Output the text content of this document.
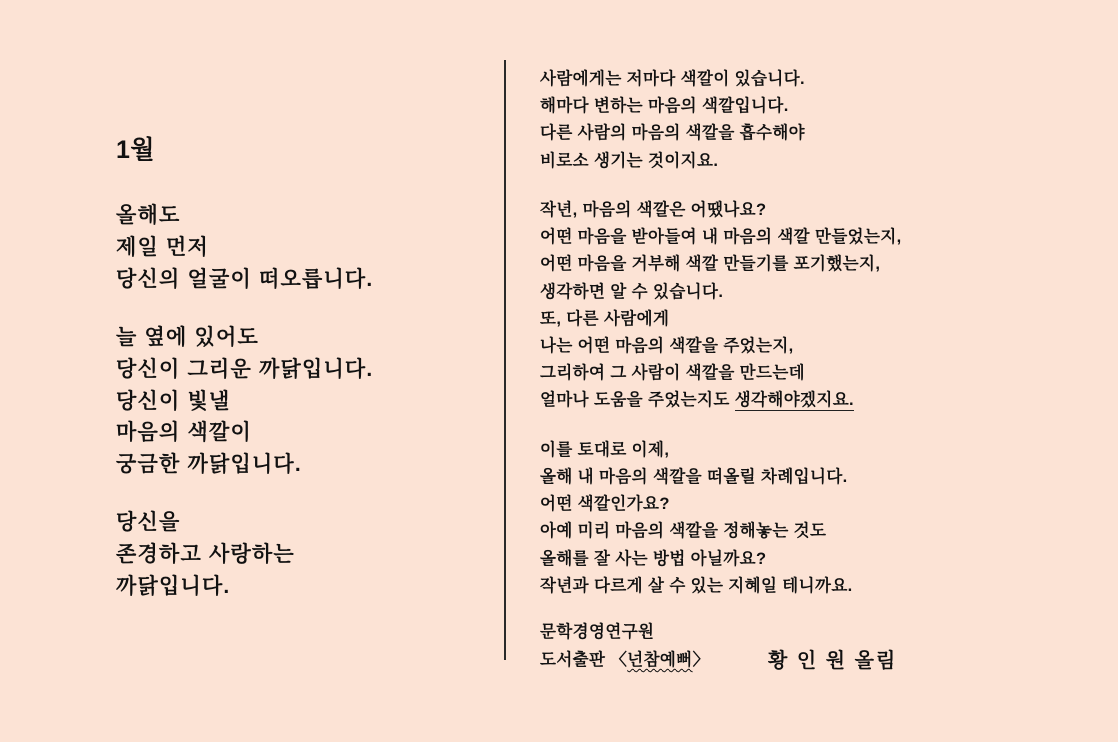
1월
올해도
제일 먼저
당신의 얼굴이 떠오릅니다.
늘 옆에 있어도
당신이 그리운 까닭입니다.
당신이 빛낼
마음의 색깔이
궁금한 까닭입니다.
당신을
존경하고 사랑하는
까닭입니다.
사람에게는 저마다 색깔이 있습니다.
해마다 변하는 마음의 색깔입니다.
다른 사람의 마음의 색깔을 흡수해야
비로소 생기는 것이지요.
작년, 마음의 색깔은 어땠나요?
어떤 마음을 받아들여 내 마음의 색깔 만들었는지,
어떤 마음을 거부해 색깔 만들기를 포기했는지,
생각하면 알 수 있습니다.
또, 다른 사람에게
나는 어떤 마음의 색깔을 주었는지,
그리하여 그 사람이 색깔을 만드는데
얼마나 도움을 주었는지도 생각해야겠지요.
이를 토대로 이제,
올해 내 마음의 색깔을 떠올릴 차례입니다.
어떤 색깔인가요?
아예 미리 마음의 색깔을 정해놓는 것도
올해를 잘 사는 방법 아닐까요?
작년과 다르게 살 수 있는 지혜일 테니까요.
문학경영연구원
도서출판 〈넌참예뻐〉	황 인 원 올림
